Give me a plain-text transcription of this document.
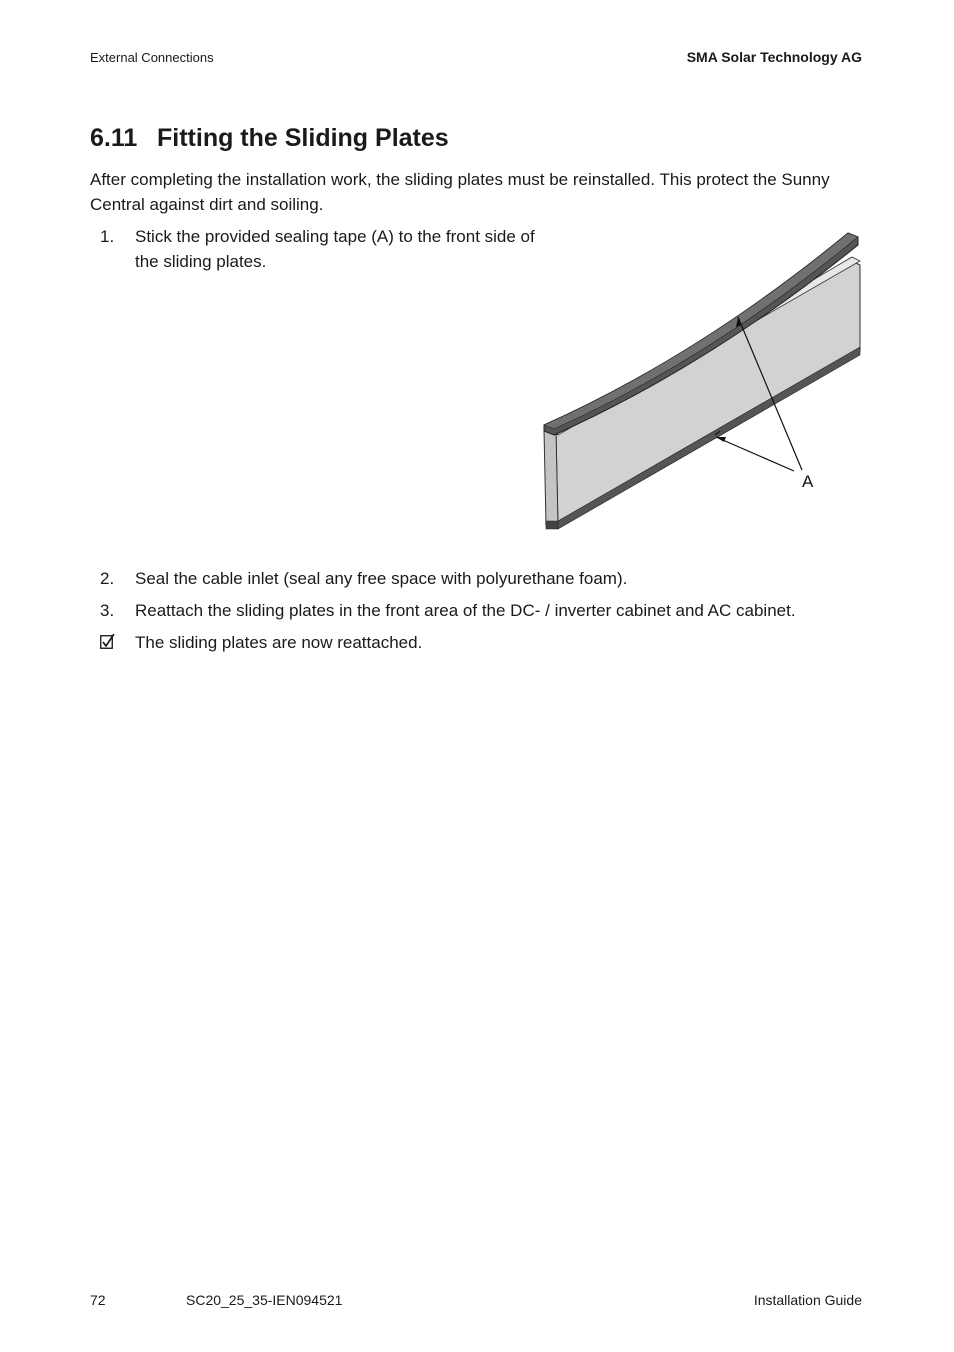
External Connections	SMA Solar Technology AG
6.11 Fitting the Sliding Plates
After completing the installation work, the sliding plates must be reinstalled. This protect the Sunny Central against dirt and soiling.
1. Stick the provided sealing tape (A) to the front side of the sliding plates.
A
2. Seal the cable inlet (seal any free space with polyurethane foam).
3. Reattach the sliding plates in the front area of the DC- / inverter cabinet and AC cabinet.
The sliding plates are now reattached.
72	SC20_25_35-IEN094521	Installation Guide
